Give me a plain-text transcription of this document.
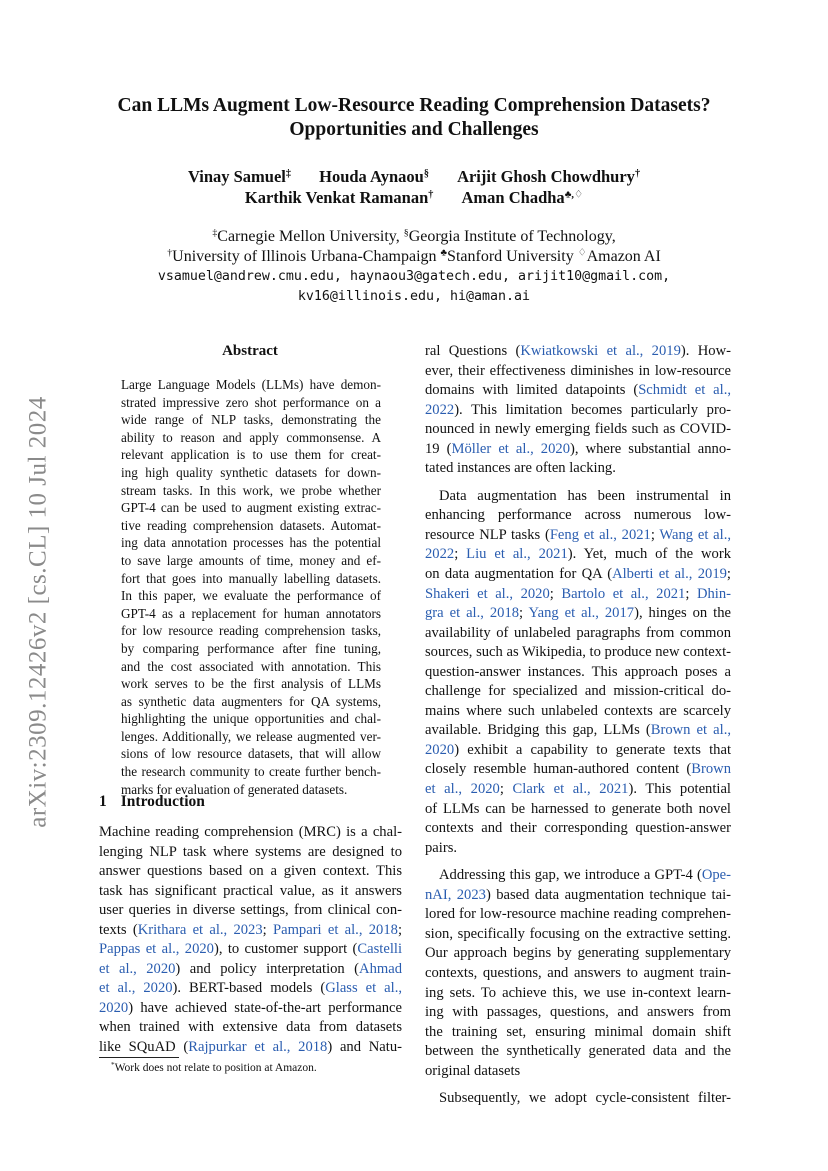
arXiv:2309.12426v2 [cs.CL] 10 Jul 2024
Can LLMs Augment Low-Resource Reading Comprehension Datasets?
Opportunities and Challenges
Vinay Samuel‡ Houda Aynaou§ Arijit Ghosh Chowdhury†
Karthik Venkat Ramanan† Aman Chadha♣,♢
‡Carnegie Mellon University, §Georgia Institute of Technology,
†University of Illinois Urbana-Champaign ♣Stanford University ♢Amazon AI
vsamuel@andrew.cmu.edu, haynaou3@gatech.edu, arijit10@gmail.com,
kv16@illinois.edu, hi@aman.ai
Abstract
Large Language Models (LLMs) have demon-
strated impressive zero shot performance on a
wide range of NLP tasks, demonstrating the
ability to reason and apply commonsense. A
relevant application is to use them for creat-
ing high quality synthetic datasets for down-
stream tasks. In this work, we probe whether
GPT-4 can be used to augment existing extrac-
tive reading comprehension datasets. Automat-
ing data annotation processes has the potential
to save large amounts of time, money and ef-
fort that goes into manually labelling datasets.
In this paper, we evaluate the performance of
GPT-4 as a replacement for human annotators
for low resource reading comprehension tasks,
by comparing performance after fine tuning,
and the cost associated with annotation. This
work serves to be the first analysis of LLMs
as synthetic data augmenters for QA systems,
highlighting the unique opportunities and chal-
lenges. Additionally, we release augmented ver-
sions of low resource datasets, that will allow
the research community to create further bench-
marks for evaluation of generated datasets.
1 Introduction
Machine reading comprehension (MRC) is a chal-
lenging NLP task where systems are designed to
answer questions based on a given context. This
task has significant practical value, as it answers
user queries in diverse settings, from clinical con-
texts (Krithara et al., 2023; Pampari et al., 2018;
Pappas et al., 2020), to customer support (Castelli
et al., 2020) and policy interpretation (Ahmad
et al., 2020). BERT-based models (Glass et al.,
2020) have achieved state-of-the-art performance
when trained with extensive data from datasets
like SQuAD (Rajpurkar et al., 2018) and Natu-
ral Questions (Kwiatkowski et al., 2019). How-
ever, their effectiveness diminishes in low-resource
domains with limited datapoints (Schmidt et al.,
2022). This limitation becomes particularly pro-
nounced in newly emerging fields such as COVID-
19 (Möller et al., 2020), where substantial anno-
tated instances are often lacking.
Data augmentation has been instrumental in
enhancing performance across numerous low-
resource NLP tasks (Feng et al., 2021; Wang et al.,
2022; Liu et al., 2021). Yet, much of the work
on data augmentation for QA (Alberti et al., 2019;
Shakeri et al., 2020; Bartolo et al., 2021; Dhin-
gra et al., 2018; Yang et al., 2017), hinges on the
availability of unlabeled paragraphs from common
sources, such as Wikipedia, to produce new context-
question-answer instances. This approach poses a
challenge for specialized and mission-critical do-
mains where such unlabeled contexts are scarcely
available. Bridging this gap, LLMs (Brown et al.,
2020) exhibit a capability to generate texts that
closely resemble human-authored content (Brown
et al., 2020; Clark et al., 2021). This potential
of LLMs can be harnessed to generate both novel
contexts and their corresponding question-answer
pairs.
Addressing this gap, we introduce a GPT-4 (Ope-
nAI, 2023) based data augmentation technique tai-
lored for low-resource machine reading comprehen-
sion, specifically focusing on the extractive setting.
Our approach begins by generating supplementary
contexts, questions, and answers to augment train-
ing sets. To achieve this, we use in-context learn-
ing with passages, questions, and answers from
the training set, ensuring minimal domain shift
between the synthetically generated data and the
original datasets
Subsequently, we adopt cycle-consistent filter-
*Work does not relate to position at Amazon.
